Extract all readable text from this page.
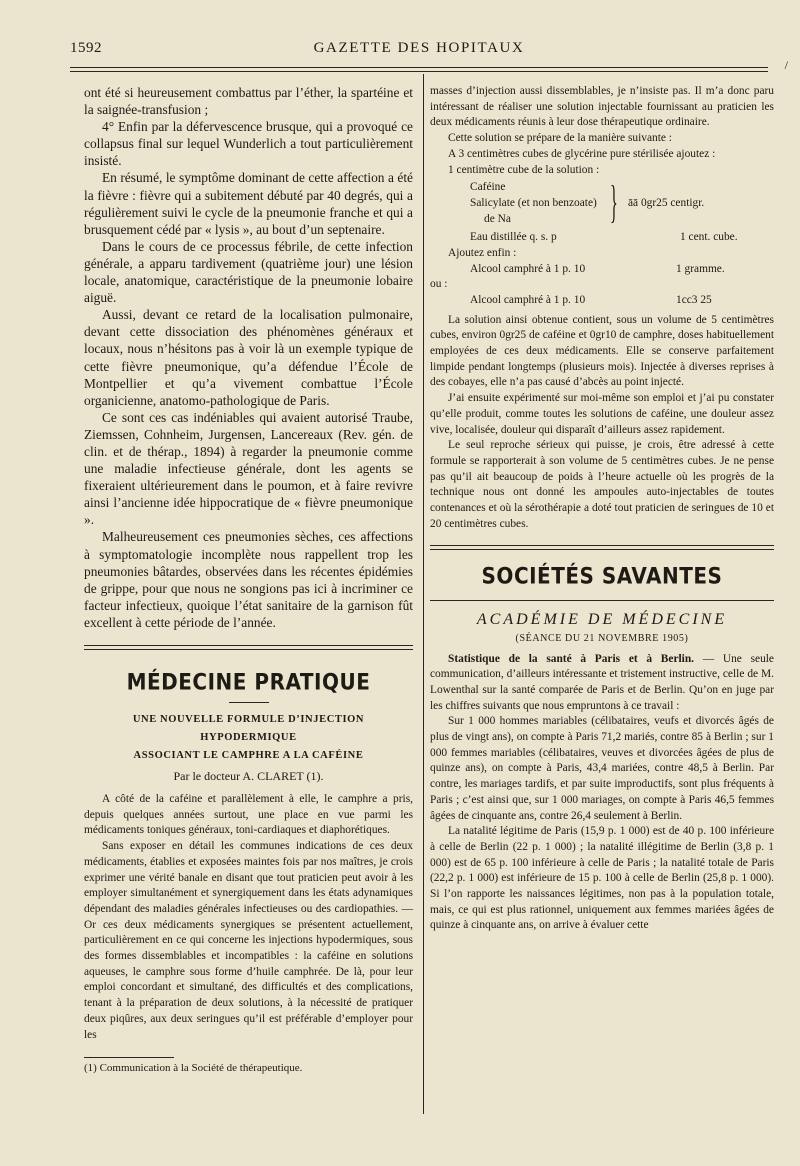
1592	GAZETTE DES HOPITAUX
/

ont été si heureusement combattus par l’éther, la spartéine et la saignée-transfusion ;

4° Enfin par la défervescence brusque, qui a provoqué ce collapsus final sur lequel Wunderlich a tout particulièrement insisté.

En résumé, le symptôme dominant de cette affection a été la fièvre : fièvre qui a subitement débuté par 40 degrés, qui a régulièrement suivi le cycle de la pneumonie franche et qui a brusquement cédé par « lysis », au bout d’un septenaire.

Dans le cours de ce processus fébrile, de cette infection générale, a apparu tardivement (quatrième jour) une lésion locale, anatomique, caractéristique de la pneumonie lobaire aiguë.

Aussi, devant ce retard de la localisation pulmonaire, devant cette dissociation des phénomènes généraux et locaux, nous n’hésitons pas à voir là un exemple typique de cette fièvre pneumonique, qu’a défendue l’École de Montpellier et qu’a vivement combattue l’École organicienne, anatomo-pathologique de Paris.

Ce sont ces cas indéniables qui avaient autorisé Traube, Ziemssen, Cohnheim, Jurgensen, Lancereaux (Rev. gén. de clin. et de thérap., 1894) à regarder la pneumonie comme une maladie infectieuse générale, dont les agents se fixeraient ultérieurement dans le poumon, et à faire revivre ainsi l’ancienne idée hippocratique de « fièvre pneumonique ».

Malheureusement ces pneumonies sèches, ces affections à symptomatologie incomplète nous rappellent trop les pneumonies bâtardes, observées dans les récentes épidémies de grippe, pour que nous ne songions pas ici à incriminer ce facteur infectieux, quoique l’état sanitaire de la garnison fût excellent à cette période de l’année.

MÉDECINE PRATIQUE

UNE NOUVELLE FORMULE D’INJECTION HYPODERMIQUE

ASSOCIANT LE CAMPHRE A LA CAFÉINE

Par le docteur A. CLARET (1).

A côté de la caféine et parallèlement à elle, le camphre a pris, depuis quelques années surtout, une place en vue parmi les médicaments toniques généraux, toni-cardiaques et diaphorétiques.

Sans exposer en détail les communes indications de ces deux médicaments, établies et exposées maintes fois par nos maîtres, je crois exprimer une vérité banale en disant que tout praticien peut avoir à les employer simultanément et synergiquement dans les états adynamiques dépendant des maladies générales infectieuses ou des cardiopathies. — Or ces deux médicaments synergiques se présentent actuellement, particulièrement en ce qui concerne les injections hypodermiques, sous des formes dissemblables et incompatibles : la caféine en solutions aqueuses, le camphre sous forme d’huile camphrée. De là, pour leur emploi concordant et simultané, des difficultés et des complications, tenant à la préparation de deux solutions, à la nécessité de pratiquer deux piqûres, aux deux seringues qu’il est préférable d’employer pour les

(1) Communication à la Société de thérapeutique.

masses d’injection aussi dissemblables, je n’insiste pas. Il m’a donc paru intéressant de réaliser une solution injectable fournissant au praticien les deux médicaments réunis à leur dose thérapeutique ordinaire.

Cette solution se prépare de la manière suivante :

A 3 centimètres cubes de glycérine pure stérilisée ajoutez :

1 centimètre cube de la solution :

Caféine
Salicylate (et non benzoate)
de Na } āā 0gr25 centigr.
Eau distillée q. s. p	1 cent. cube.
Ajoutez enfin :
Alcool camphré à 1 p. 10	1 gramme.
ou :
Alcool camphré à 1 p. 10	1cc3 25

La solution ainsi obtenue contient, sous un volume de 5 centimètres cubes, environ 0gr25 de caféine et 0gr10 de camphre, doses habituellement employées de ces deux médicaments. Elle se conserve parfaitement limpide pendant longtemps (plusieurs mois). Injectée à diverses reprises à des cobayes, elle n’a pas causé d’abcès au point injecté.

J’ai ensuite expérimenté sur moi-même son emploi et j’ai pu constater qu’elle produit, comme toutes les solutions de caféine, une douleur assez vive, localisée, douleur qui disparaît d’ailleurs assez rapidement.

Le seul reproche sérieux qui puisse, je crois, être adressé à cette formule se rapporterait à son volume de 5 centimètres cubes. Je ne pense pas qu’il ait beaucoup de poids à l’heure actuelle où les progrès de la technique nous ont donné les ampoules auto-injectables de toutes contenances et où la sérothérapie a doté tout praticien de seringues de 10 et 20 centimètres cubes.

SOCIÉTÉS SAVANTES

ACADÉMIE DE MÉDECINE

(SÉANCE DU 21 NOVEMBRE 1905)

Statistique de la santé à Paris et à Berlin. — Une seule communication, d’ailleurs intéressante et tristement instructive, celle de M. Lowenthal sur la santé comparée de Paris et de Berlin. Qu’on en juge par les chiffres suivants que nous empruntons à ce travail :

Sur 1 000 hommes mariables (célibataires, veufs et divorcés âgés de plus de vingt ans), on compte à Paris 71,2 mariés, contre 85 à Berlin ; sur 1 000 femmes mariables (célibataires, veuves et divorcées âgées de plus de quinze ans), on compte à Paris, 43,4 mariées, contre 48,5 à Berlin. Par contre, les mariages tardifs, et par suite improductifs, sont plus fréquents à Paris ; c’est ainsi que, sur 1 000 mariages, on compte à Paris 46,5 femmes âgées de cinquante ans, contre 26,4 seulement à Berlin.

La natalité légitime de Paris (15,9 p. 1 000) est de 40 p. 100 inférieure à celle de Berlin (22 p. 1 000) ; la natalité illégitime de Berlin (3,8 p. 1 000) est de 65 p. 100 inférieure à celle de Paris ; la natalité totale de Paris (22,2 p. 1 000) est inférieure de 15 p. 100 à celle de Berlin (25,8 p. 1 000). Si l’on rapporte les naissances légitimes, non pas à la population totale, mais, ce qui est plus rationnel, uniquement aux femmes mariées âgées de quinze à cinquante ans, on arrive à évaluer cette
